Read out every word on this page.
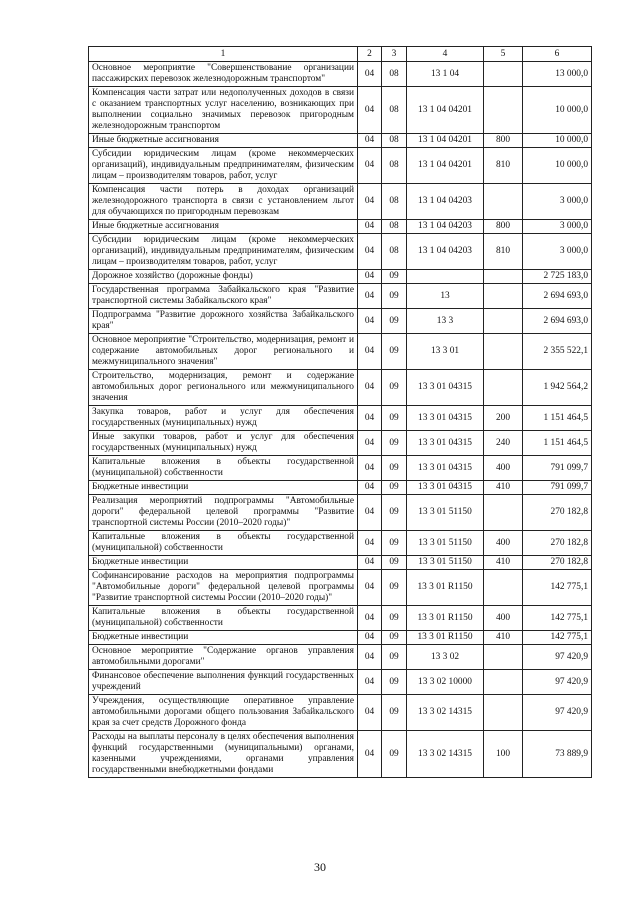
1	2	3	4	5	6
Основное мероприятие "Совершенствование организации пассажирских перевозок железнодорожным транспортом"	04	08	13 1 04		13 000,0
Компенсация части затрат или недополученных доходов в связи с оказанием транспортных услуг населению, возникающих при выполнении социально значимых перевозок пригородным железнодорожным транспортом	04	08	13 1 04 04201		10 000,0
Иные бюджетные ассигнования	04	08	13 1 04 04201	800	10 000,0
Субсидии юридическим лицам (кроме некоммерческих организаций), индивидуальным предпринимателям, физическим лицам – производителям товаров, работ, услуг	04	08	13 1 04 04201	810	10 000,0
Компенсация части потерь в доходах организаций железнодорожного транспорта в связи с установлением льгот для обучающихся по пригородным перевозкам	04	08	13 1 04 04203		3 000,0
Иные бюджетные ассигнования	04	08	13 1 04 04203	800	3 000,0
Субсидии юридическим лицам (кроме некоммерческих организаций), индивидуальным предпринимателям, физическим лицам – производителям товаров, работ, услуг	04	08	13 1 04 04203	810	3 000,0
Дорожное хозяйство (дорожные фонды)	04	09			2 725 183,0
Государственная программа Забайкальского края "Развитие транспортной системы Забайкальского края"	04	09	13		2 694 693,0
Подпрограмма "Развитие дорожного хозяйства Забайкальского края"	04	09	13 3		2 694 693,0
Основное мероприятие "Строительство, модернизация, ремонт и содержание автомобильных дорог регионального и межмуниципального значения"	04	09	13 3 01		2 355 522,1
Строительство, модернизация, ремонт и содержание автомобильных дорог регионального или межмуниципального значения	04	09	13 3 01 04315		1 942 564,2
Закупка товаров, работ и услуг для обеспечения государственных (муниципальных) нужд	04	09	13 3 01 04315	200	1 151 464,5
Иные закупки товаров, работ и услуг для обеспечения государственных (муниципальных) нужд	04	09	13 3 01 04315	240	1 151 464,5
Капитальные вложения в объекты государственной (муниципальной) собственности	04	09	13 3 01 04315	400	791 099,7
Бюджетные инвестиции	04	09	13 3 01 04315	410	791 099,7
Реализация мероприятий подпрограммы "Автомобильные дороги" федеральной целевой программы "Развитие транспортной системы России (2010–2020 годы)"	04	09	13 3 01 51150		270 182,8
Капитальные вложения в объекты государственной (муниципальной) собственности	04	09	13 3 01 51150	400	270 182,8
Бюджетные инвестиции	04	09	13 3 01 51150	410	270 182,8
Софинансирование расходов на мероприятия подпрограммы "Автомобильные дороги" федеральной целевой программы "Развитие транспортной системы России (2010–2020 годы)"	04	09	13 3 01 R1150		142 775,1
Капитальные вложения в объекты государственной (муниципальной) собственности	04	09	13 3 01 R1150	400	142 775,1
Бюджетные инвестиции	04	09	13 3 01 R1150	410	142 775,1
Основное мероприятие "Содержание органов управления автомобильными дорогами"	04	09	13 3 02		97 420,9
Финансовое обеспечение выполнения функций государственных учреждений	04	09	13 3 02 10000		97 420,9
Учреждения, осуществляющие оперативное управление автомобильными дорогами общего пользования Забайкальского края за счет средств Дорожного фонда	04	09	13 3 02 14315		97 420,9
Расходы на выплаты персоналу в целях обеспечения выполнения функций государственными (муниципальными) органами, казенными учреждениями, органами управления государственными внебюджетными фондами	04	09	13 3 02 14315	100	73 889,9
30
